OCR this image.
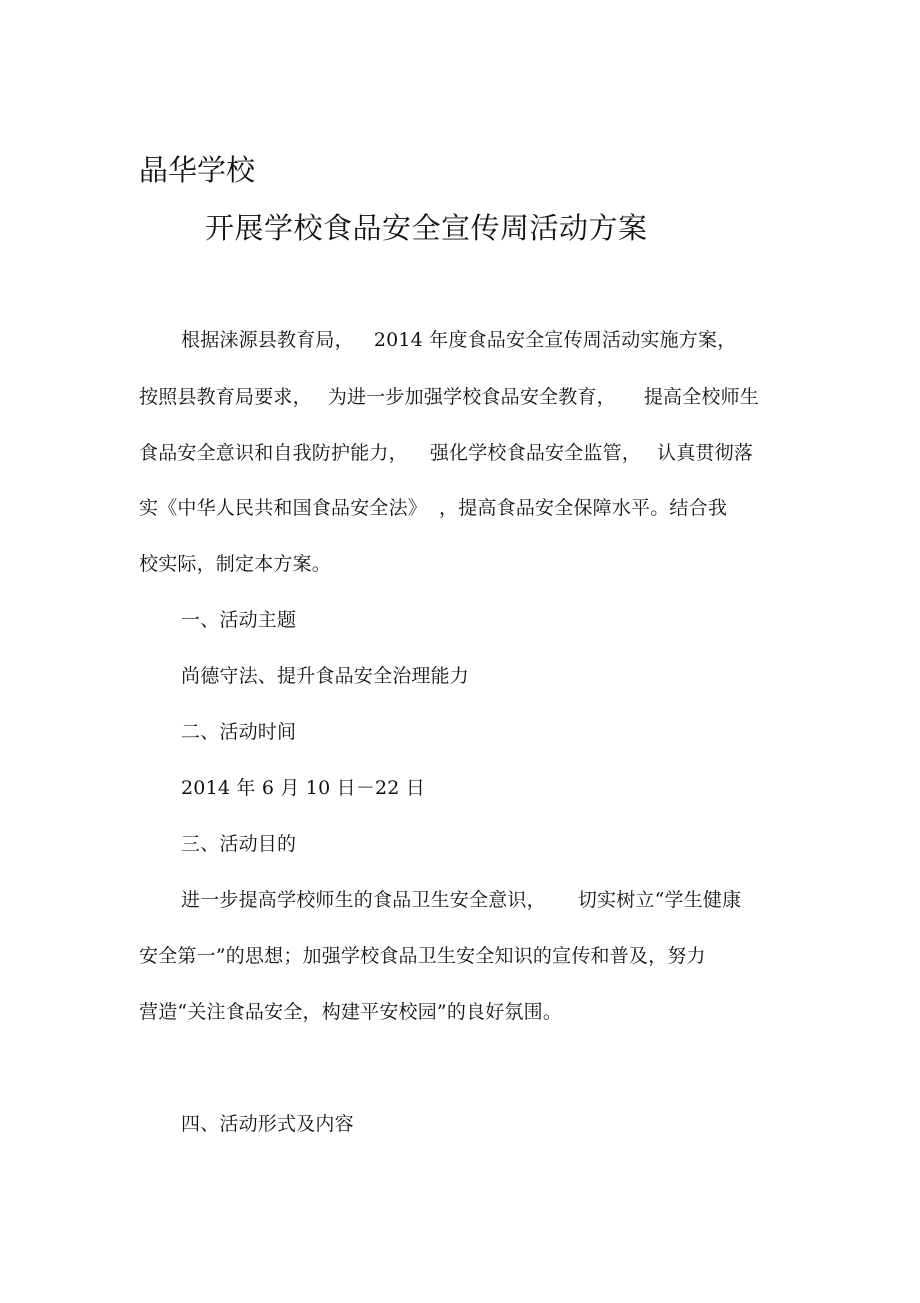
晶华学校
开展学校食品安全宣传周活动方案
根据涞源县教育局， 2014 年度食品安全宣传周活动实施方案，
按照县教育局要求， 为进一步加强学校食品安全教育， 提高全校师生
食品安全意识和自我防护能力， 强化学校食品安全监管， 认真贯彻落
实《中华人民共和国食品安全法》 ，提高食品安全保障水平。结合我
校实际，制定本方案。
一、活动主题
尚德守法、提升食品安全治理能力
二、活动时间
2014 年 6 月 10 日－22 日
三、活动目的
进一步提高学校师生的食品卫生安全意识， 切实树立“学生健康
安全第一”的思想；加强学校食品卫生安全知识的宣传和普及，努力
营造“关注食品安全，构建平安校园”的良好氛围。
四、活动形式及内容
